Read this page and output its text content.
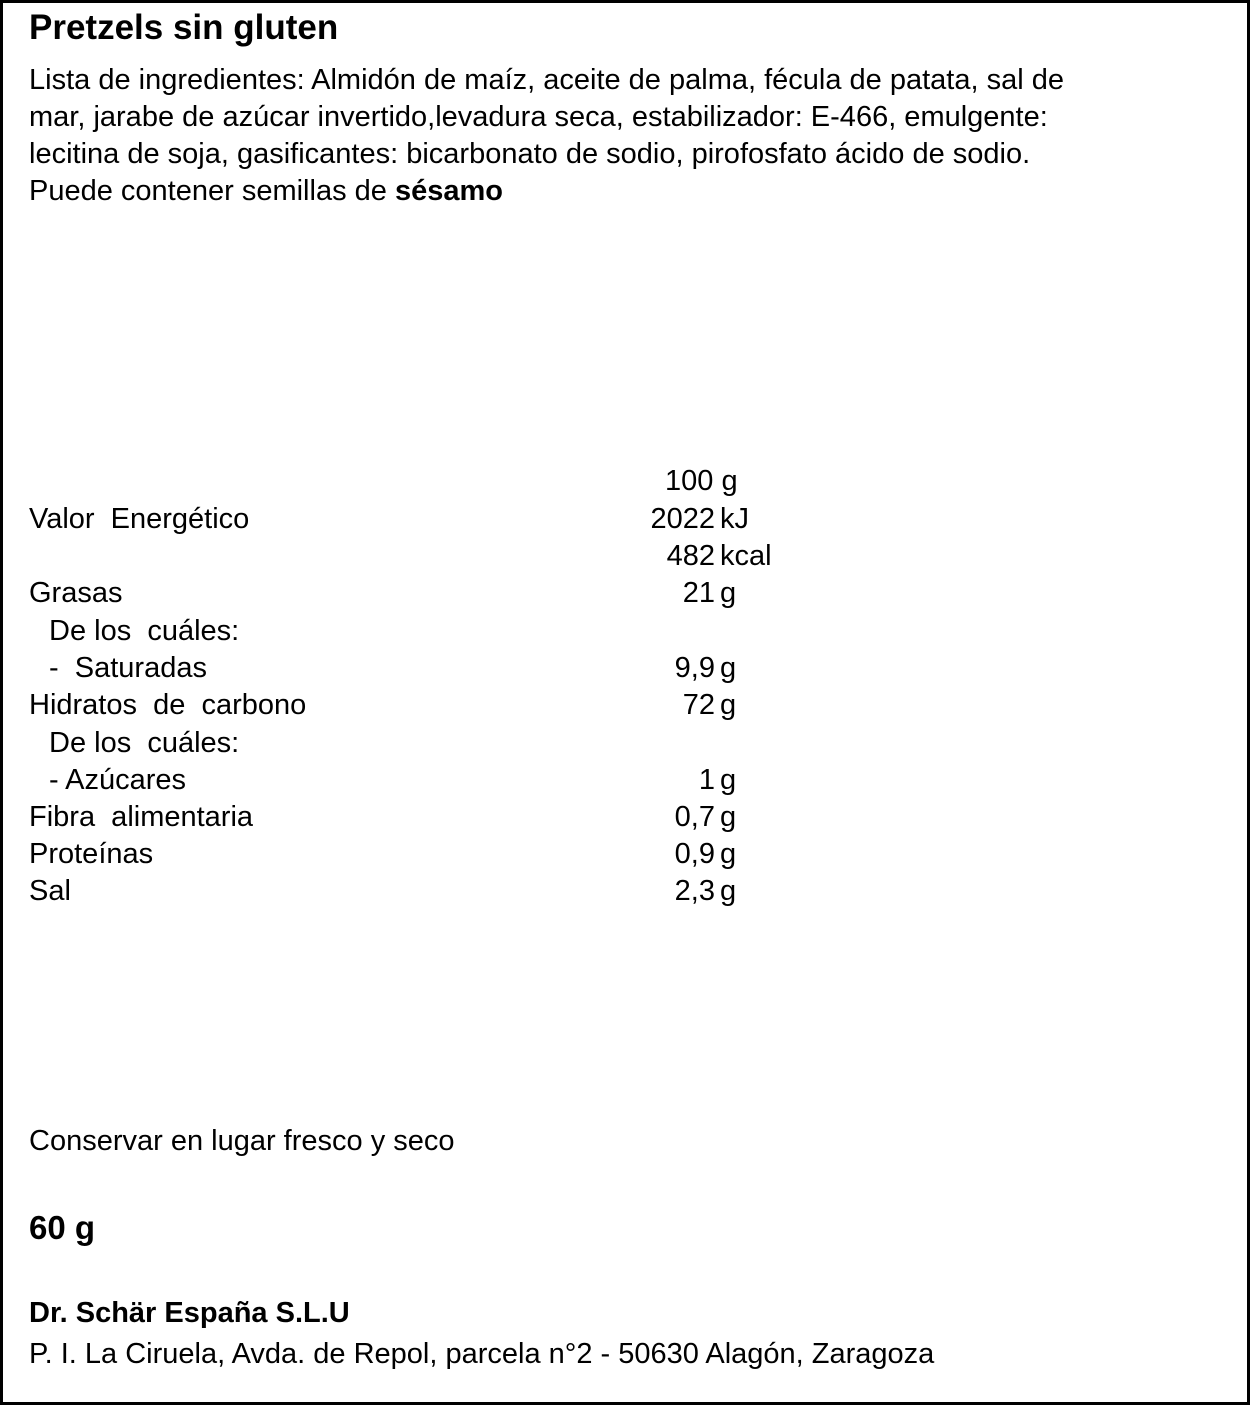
Pretzels sin gluten
Lista de ingredientes: Almidón de maíz, aceite de palma, fécula de patata, sal de
mar, jarabe de azúcar invertido,levadura seca, estabilizador: E-466, emulgente:
lecitina de soja, gasificantes: bicarbonato de sodio, pirofosfato ácido de sodio.
Puede contener semillas de sésamo
100 g
Valor  Energético	2022 kJ
482 kcal
Grasas	21 g
De los  cuáles:
-  Saturadas	9,9 g
Hidratos  de  carbono	72 g
De los  cuáles:
- Azúcares	1 g
Fibra  alimentaria	0,7 g
Proteínas	0,9 g
Sal	2,3 g
Conservar en lugar fresco y seco
60 g
Dr. Schär España S.L.U
P. I. La Ciruela, Avda. de Repol, parcela n°2 - 50630 Alagón, Zaragoza
